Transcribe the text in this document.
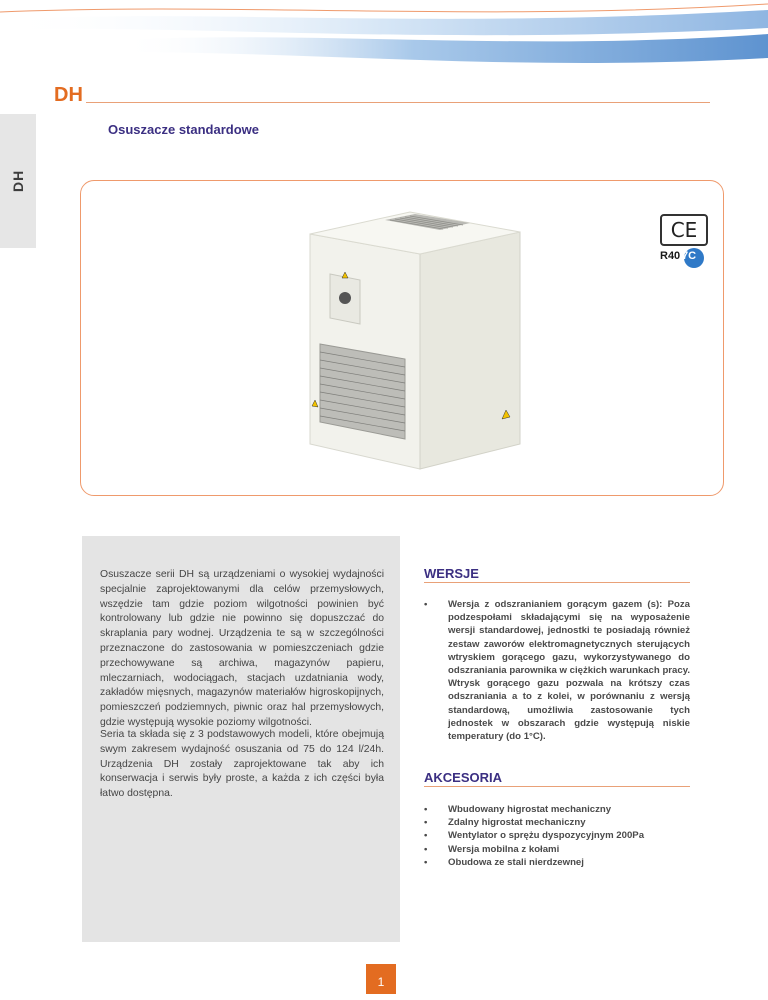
DH
DH
Osuszacze standardowe
CE
R40 7C

Osuszacze serii DH są urządzeniami o wysokiej wydajności specjalnie zaprojektowanymi dla celów przemysłowych, wszędzie tam gdzie poziom wilgotności powinien być kontrolowany lub gdzie nie powinno się dopuszczać do skraplania pary wodnej. Urządzenia te są w szczególności przeznaczone do zastosowania w pomieszczeniach gdzie przechowywane są archiwa, magazynów papieru, mleczarniach, wodociągach, stacjach uzdatniania wody, zakładów mięsnych, magazynów materiałów higroskopijnych, pomieszczeń podziemnych, piwnic oraz hal przemysłowych, gdzie występują wysokie poziomy wilgotności.

Seria ta składa się z 3 podstawowych modeli, które obejmują swym zakresem wydajność osuszania od 75 do 124 l/24h. Urządzenia DH zostały zaprojektowane tak aby ich konserwacja i serwis były proste, a każda z ich części była łatwo dostępna.

WERSJE
• Wersja z odszranianiem gorącym gazem (s): Poza podzespołami składającymi się na wyposażenie wersji standardowej, jednostki te posiadają również zestaw zaworów elektromagnetycznych sterujących wtryskiem gorącego gazu, wykorzystywanego do odszraniania parownika w ciężkich warunkach pracy. Wtrysk gorącego gazu pozwala na krótszy czas odszraniania a to z kolei, w porównaniu z wersją standardową, umożliwia zastosowanie tych jednostek w obszarach gdzie występują niskie temperatury (do 1°C).
AKCESORIA
• Wbudowany higrostat mechaniczny
• Zdalny higrostat mechaniczny
• Wentylator o sprężu dyspozycyjnym 200Pa
• Wersja mobilna z kołami
• Obudowa ze stali nierdzewnej
1
